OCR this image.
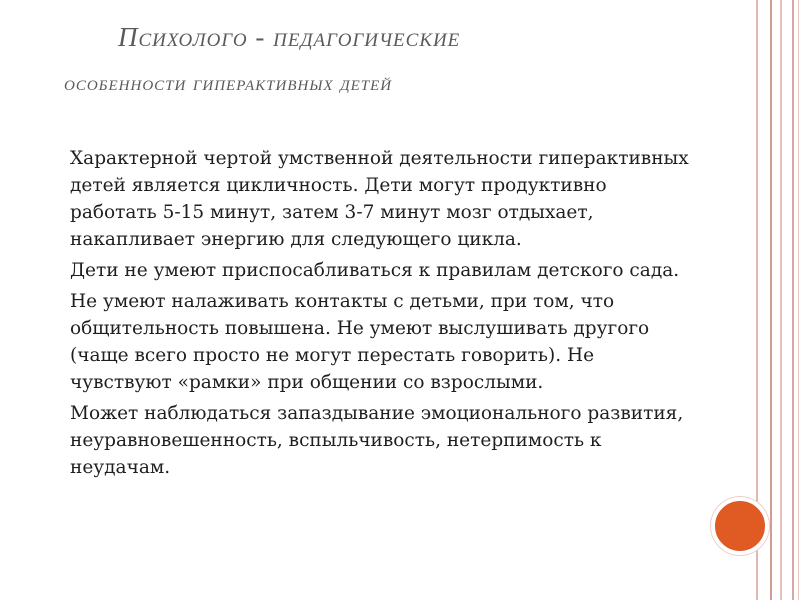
Психолого - педагогические
особенности гиперактивных детей
Характерной чертой умственной деятельности гиперактивных детей является цикличность. Дети могут продуктивно работать 5-15 минут, затем 3-7 минут мозг отдыхает, накапливает энергию для следующего цикла.
Дети не умеют приспосабливаться к правилам детского сада.
Не умеют налаживать контакты с детьми, при том, что общительность повышена. Не умеют выслушивать другого (чаще всего просто не могут перестать говорить). Не чувствуют «рамки» при общении со взрослыми.
Может наблюдаться запаздывание эмоционального развития, неуравновешенность, вспыльчивость, нетерпимость к неудачам.
